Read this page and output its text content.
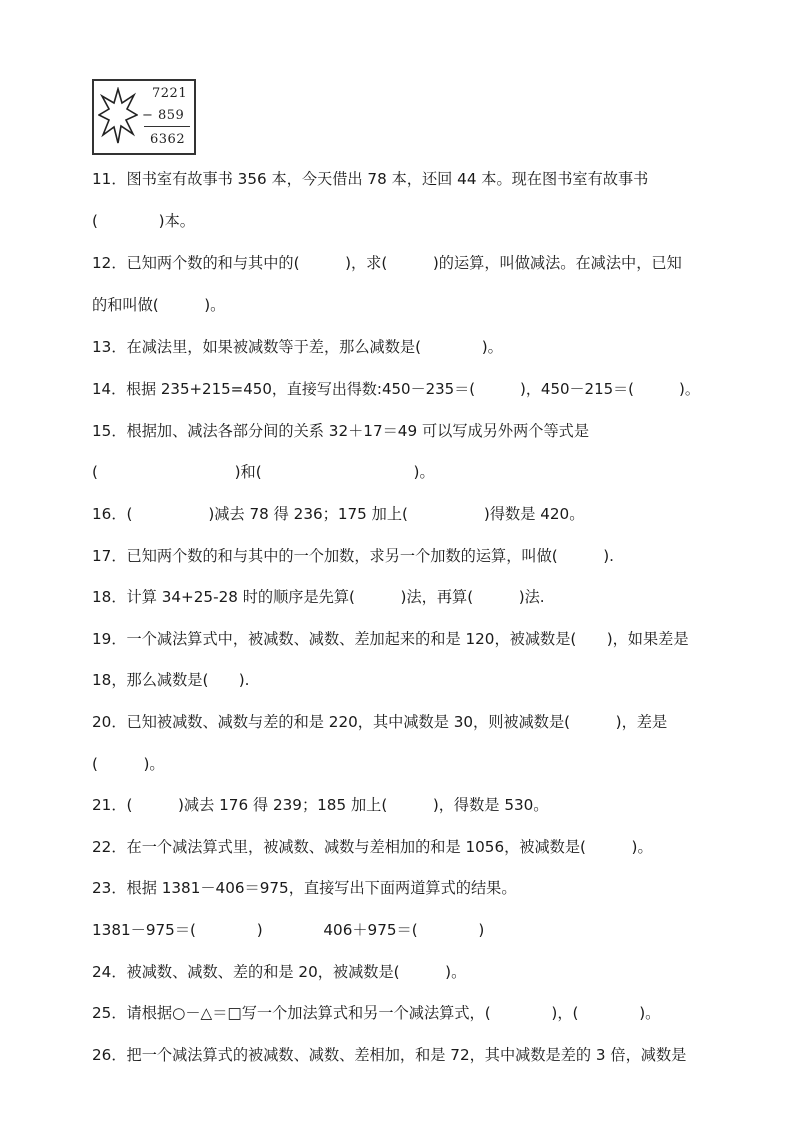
7221
− 859
6362
11．图书室有故事书 356 本，今天借出 78 本，还回 44 本。现在图书室有故事书
(　　　　)本。
12．已知两个数的和与其中的(　　　)，求(　　　)的运算，叫做减法。在减法中，已知
的和叫做(　　　)。
13．在减法里，如果被减数等于差，那么减数是(　　　　)。
14．根据 235+215=450，直接写出得数:450－235＝(　　　)，450－215＝(　　　)。
15．根据加、减法各部分间的关系 32＋17＝49 可以写成另外两个等式是
(　　　　　　　　　)和(　　　　　　　　　　)。
16．(　　　　　)减去 78 得 236；175 加上(　　　　　)得数是 420。
17．已知两个数的和与其中的一个加数，求另一个加数的运算，叫做(　　　).
18．计算 34+25-28 时的顺序是先算(　　　)法，再算(　　　)法.
19．一个减法算式中，被减数、减数、差加起来的和是 120，被减数是(　　)，如果差是
18，那么减数是(　　).
20．已知被减数、减数与差的和是 220，其中减数是 30，则被减数是(　　　)，差是
(　　　)。
21．(　　　)减去 176 得 239；185 加上(　　　)，得数是 530。
22．在一个减法算式里，被减数、减数与差相加的和是 1056，被减数是(　　　)。
23．根据 1381－406＝975，直接写出下面两道算式的结果。
1381－975＝(　　　　)　　　　406＋975＝(　　　　)
24．被减数、减数、差的和是 20，被减数是(　　　)。
25．请根据○－△＝□写一个加法算式和另一个减法算式，(　　　　)，(　　　　)。
26．把一个减法算式的被减数、减数、差相加，和是 72，其中减数是差的 3 倍，减数是
